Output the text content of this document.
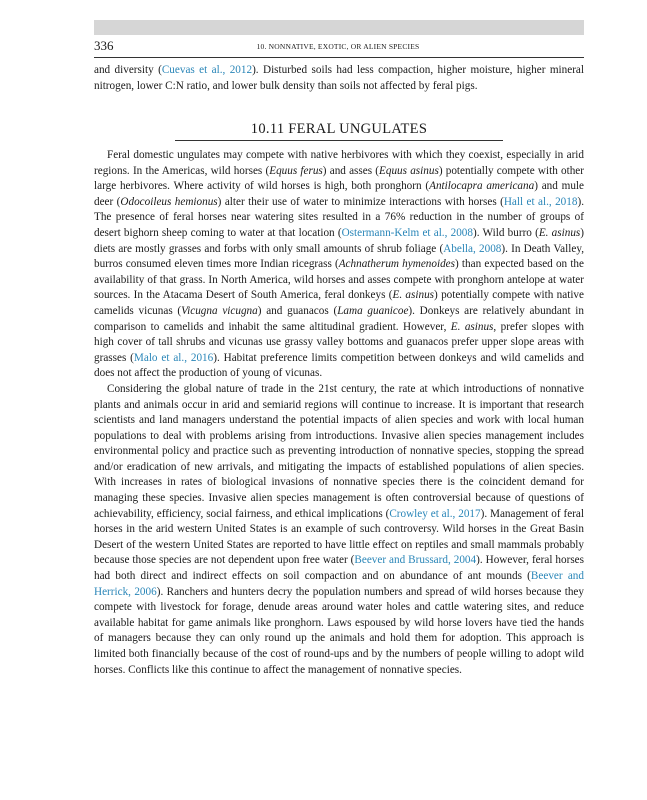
336	10. NONNATIVE, EXOTIC, OR ALIEN SPECIES

and diversity (Cuevas et al., 2012). Disturbed soils had less compaction, higher moisture, higher mineral nitrogen, lower C:N ratio, and lower bulk density than soils not affected by feral pigs.

10.11 FERAL UNGULATES

Feral domestic ungulates may compete with native herbivores with which they coexist, especially in arid regions. In the Americas, wild horses (Equus ferus) and asses (Equus asinus) potentially compete with other large herbivores. Where activity of wild horses is high, both pronghorn (Antilocapra americana) and mule deer (Odocoileus hemionus) alter their use of water to minimize interactions with horses (Hall et al., 2018). The presence of feral horses near watering sites resulted in a 76% reduction in the number of groups of desert bighorn sheep coming to water at that location (Ostermann-Kelm et al., 2008). Wild burro (E. asinus) diets are mostly grasses and forbs with only small amounts of shrub foliage (Abella, 2008). In Death Valley, burros consumed eleven times more Indian ricegrass (Achnatherum hymenoides) than expected based on the availability of that grass. In North America, wild horses and asses compete with pronghorn antelope at water sources. In the Atacama Desert of South America, feral donkeys (E. asinus) potentially compete with native camelids vicunas (Vicugna vicugna) and guanacos (Lama guanicoe). Donkeys are relatively abundant in comparison to camelids and inhabit the same altitudinal gradient. However, E. asinus, prefer slopes with high cover of tall shrubs and vicunas use grassy valley bottoms and guanacos prefer upper slope areas with grasses (Malo et al., 2016). Habitat preference limits competition between donkeys and wild camelids and does not affect the production of young of vicunas.

Considering the global nature of trade in the 21st century, the rate at which introductions of nonnative plants and animals occur in arid and semiarid regions will continue to increase. It is important that research scientists and land managers understand the potential impacts of alien species and work with local human populations to deal with problems arising from introductions. Invasive alien species management includes environmental policy and practice such as preventing introduction of nonnative species, stopping the spread and/or eradication of new arrivals, and mitigating the impacts of established populations of alien species. With increases in rates of biological invasions of nonnative species there is the coincident demand for managing these species. Invasive alien species management is often controversial because of questions of achievability, efficiency, social fairness, and ethical implications (Crowley et al., 2017). Management of feral horses in the arid western United States is an example of such controversy. Wild horses in the Great Basin Desert of the western United States are reported to have little effect on reptiles and small mammals probably because those species are not dependent upon free water (Beever and Brussard, 2004). However, feral horses had both direct and indirect effects on soil compaction and on abundance of ant mounds (Beever and Herrick, 2006). Ranchers and hunters decry the population numbers and spread of wild horses because they compete with livestock for forage, denude areas around water holes and cattle watering sites, and reduce available habitat for game animals like pronghorn. Laws espoused by wild horse lovers have tied the hands of managers because they can only round up the animals and hold them for adoption. This approach is limited both financially because of the cost of round-ups and by the numbers of people willing to adopt wild horses. Conflicts like this continue to affect the management of nonnative species.
